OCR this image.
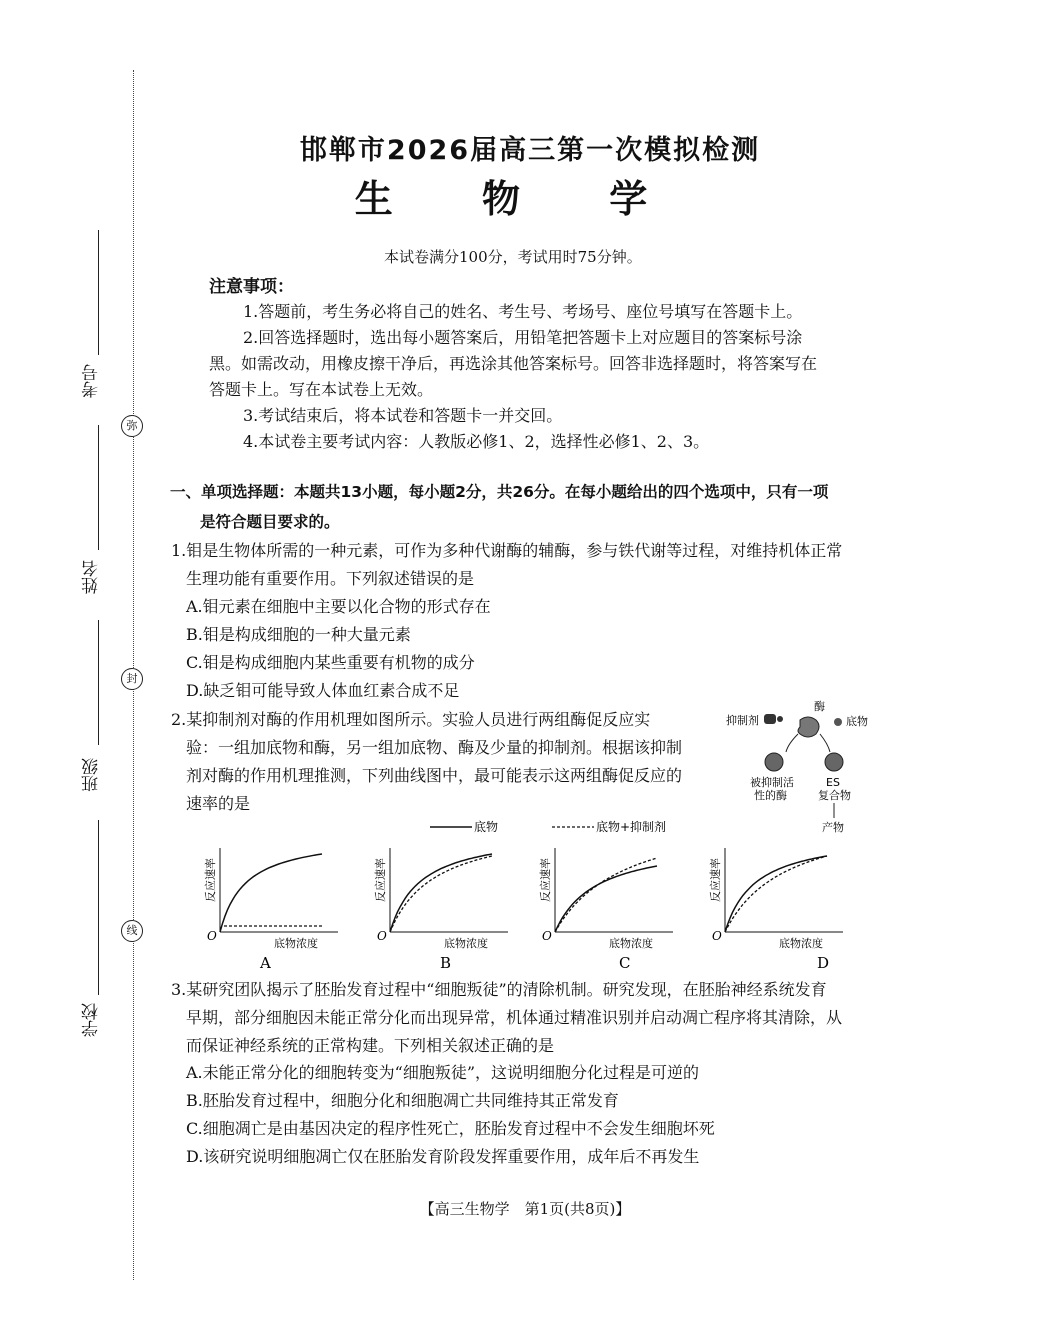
考号
姓名
班级
学校
弥
封
线
邯郸市2026届高三第一次模拟检测
生 物 学
本试卷满分100分，考试用时75分钟。
注意事项：
1.答题前，考生务必将自己的姓名、考生号、考场号、座位号填写在答题卡上。
2.回答选择题时，选出每小题答案后，用铅笔把答题卡上对应题目的答案标号涂
黑。如需改动，用橡皮擦干净后，再选涂其他答案标号。回答非选择题时，将答案写在
答题卡上。写在本试卷上无效。
3.考试结束后，将本试卷和答题卡一并交回。
4.本试卷主要考试内容：人教版必修1、2，选择性必修1、2、3。
一、单项选择题：本题共13小题，每小题2分，共26分。在每小题给出的四个选项中，只有一项
是符合题目要求的。
1.钼是生物体所需的一种元素，可作为多种代谢酶的辅酶，参与铁代谢等过程，对维持机体正常
生理功能有重要作用。下列叙述错误的是
A.钼元素在细胞中主要以化合物的形式存在
B.钼是构成细胞的一种大量元素
C.钼是构成细胞内某些重要有机物的成分
D.缺乏钼可能导致人体血红素合成不足
2.某抑制剂对酶的作用机理如图所示。实验人员进行两组酶促反应实
验：一组加底物和酶，另一组加底物、酶及少量的抑制剂。根据该抑制
剂对酶的作用机理推测，下列曲线图中，最可能表示这两组酶促反应的
速率的是
酶
抑制剂	底物
被抑制活
性的酶
ES
复合物
产物
底物	底物+抑制剂
反应速率
O
底物浓度
A
反应速率
O
底物浓度
B
反应速率
O
底物浓度
C
反应速率
O
底物浓度
D
3.某研究团队揭示了胚胎发育过程中“细胞叛徒”的清除机制。研究发现，在胚胎神经系统发育
早期，部分细胞因未能正常分化而出现异常，机体通过精准识别并启动凋亡程序将其清除，从
而保证神经系统的正常构建。下列相关叙述正确的是
A.未能正常分化的细胞转变为“细胞叛徒”，这说明细胞分化过程是可逆的
B.胚胎发育过程中，细胞分化和细胞凋亡共同维持其正常发育
C.细胞凋亡是由基因决定的程序性死亡，胚胎发育过程中不会发生细胞坏死
D.该研究说明细胞凋亡仅在胚胎发育阶段发挥重要作用，成年后不再发生
【高三生物学　第1页(共8页)】
